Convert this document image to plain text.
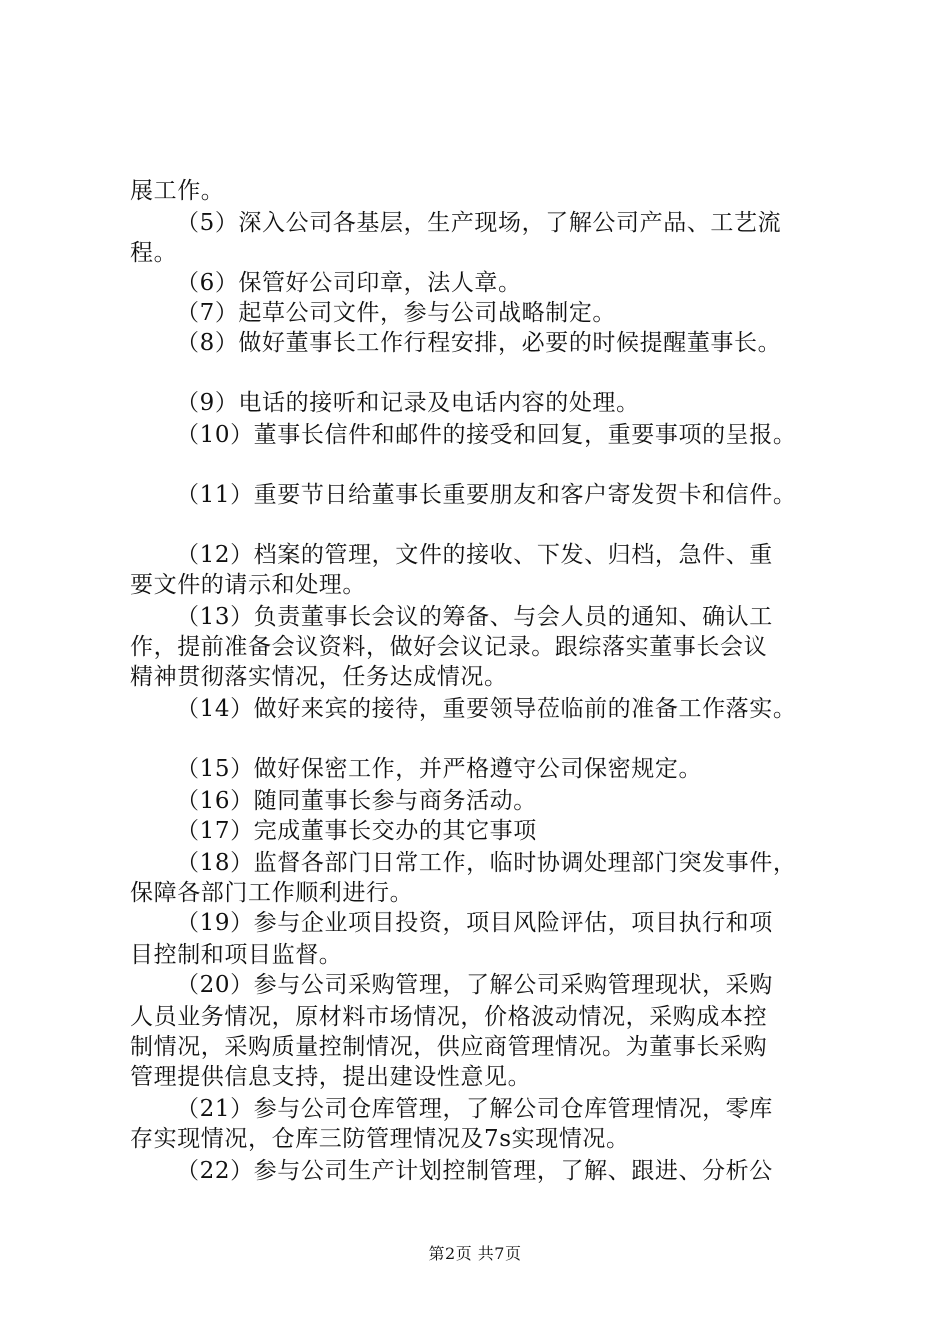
展工作。
（5）深入公司各基层，生产现场，了解公司产品、工艺流
程。
（6）保管好公司印章，法人章。
（7）起草公司文件，参与公司战略制定。
（8）做好董事长工作行程安排，必要的时候提醒董事长。
（9）电话的接听和记录及电话内容的处理。
（10）董事长信件和邮件的接受和回复，重要事项的呈报。
（11）重要节日给董事长重要朋友和客户寄发贺卡和信件。
（12）档案的管理，文件的接收、下发、归档，急件、重
要文件的请示和处理。
（13）负责董事长会议的筹备、与会人员的通知、确认工
作，提前准备会议资料，做好会议记录。跟综落实董事长会议
精神贯彻落实情况，任务达成情况。
（14）做好来宾的接待，重要领导莅临前的准备工作落实。
（15）做好保密工作，并严格遵守公司保密规定。
（16）随同董事长参与商务活动。
（17）完成董事长交办的其它事项
（18）监督各部门日常工作，临时协调处理部门突发事件，
保障各部门工作顺利进行。
（19）参与企业项目投资，项目风险评估，项目执行和项
目控制和项目监督。
（20）参与公司采购管理，了解公司采购管理现状，采购
人员业务情况，原材料市场情况，价格波动情况，采购成本控
制情况，采购质量控制情况，供应商管理情况。为董事长采购
管理提供信息支持，提出建设性意见。
（21）参与公司仓库管理，了解公司仓库管理情况，零库
存实现情况，仓库三防管理情况及7s实现情况。
（22）参与公司生产计划控制管理，了解、跟进、分析公
第2页 共7页
